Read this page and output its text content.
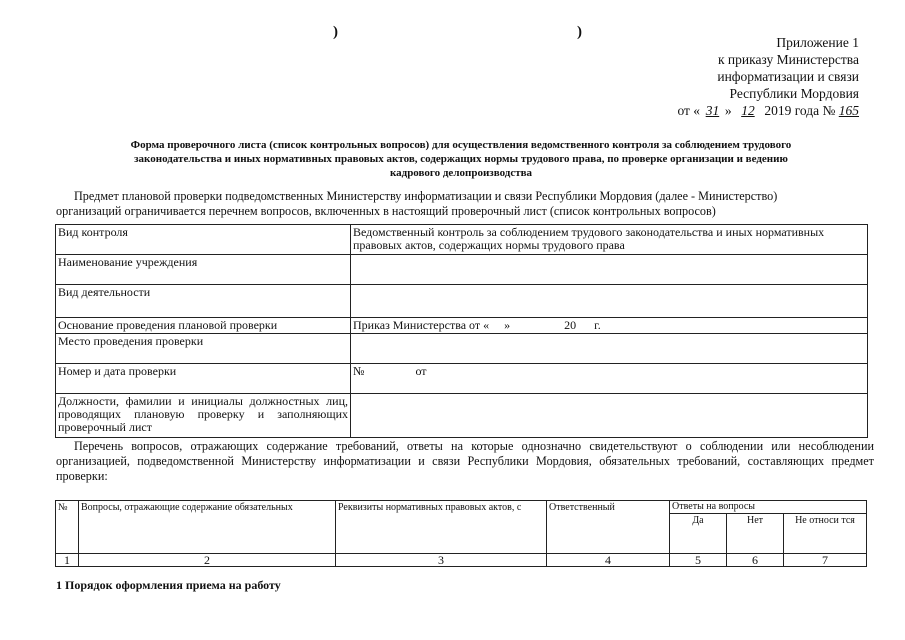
)	)
Приложение 1
к приказу Министерства
информатизации и связи
Республики Мордовия
от « 31 » 12 2019 года № 165
Форма проверочного листа (список контрольных вопросов) для осуществления ведомственного контроля за соблюдением трудового
законодательства и иных нормативных правовых актов, содержащих нормы трудового права, по проверке организации и ведению
кадрового делопроизводства
Предмет плановой проверки подведомственных Министерству информатизации и связи Республики Мордовия (далее - Министерство)
организаций ограничивается перечнем вопросов, включенных в настоящий проверочный лист (список контрольных вопросов)
Вид контроля	Ведомственный контроль за соблюдением трудового законодательства и иных нормативных правовых актов, содержащих нормы трудового права
Наименование учреждения	
Вид деятельности	
Основание проведения плановой проверки	Приказ Министерства от «     »                  20      г.
Место проведения проверки	
Номер и дата проверки	№                 от
Должности, фамилии и инициалы должностных лиц, проводящих плановую проверку и заполняющих проверочный лист	
Перечень вопросов, отражающих содержание требований, ответы на которые однозначно свидетельствуют о соблюдении или несоблюдении организацией, подведомственной Министерству информатизации и связи Республики Мордовия, обязательных требований, составляющих предмет проверки:
№	Вопросы, отражающие содержание обязательных	Реквизиты нормативных правовых актов, с	Ответственный	Ответы на вопросы		
				Да	Нет	Не относи тся
1	2	3	4	5	6	7
1 Порядок оформления приема на работу
